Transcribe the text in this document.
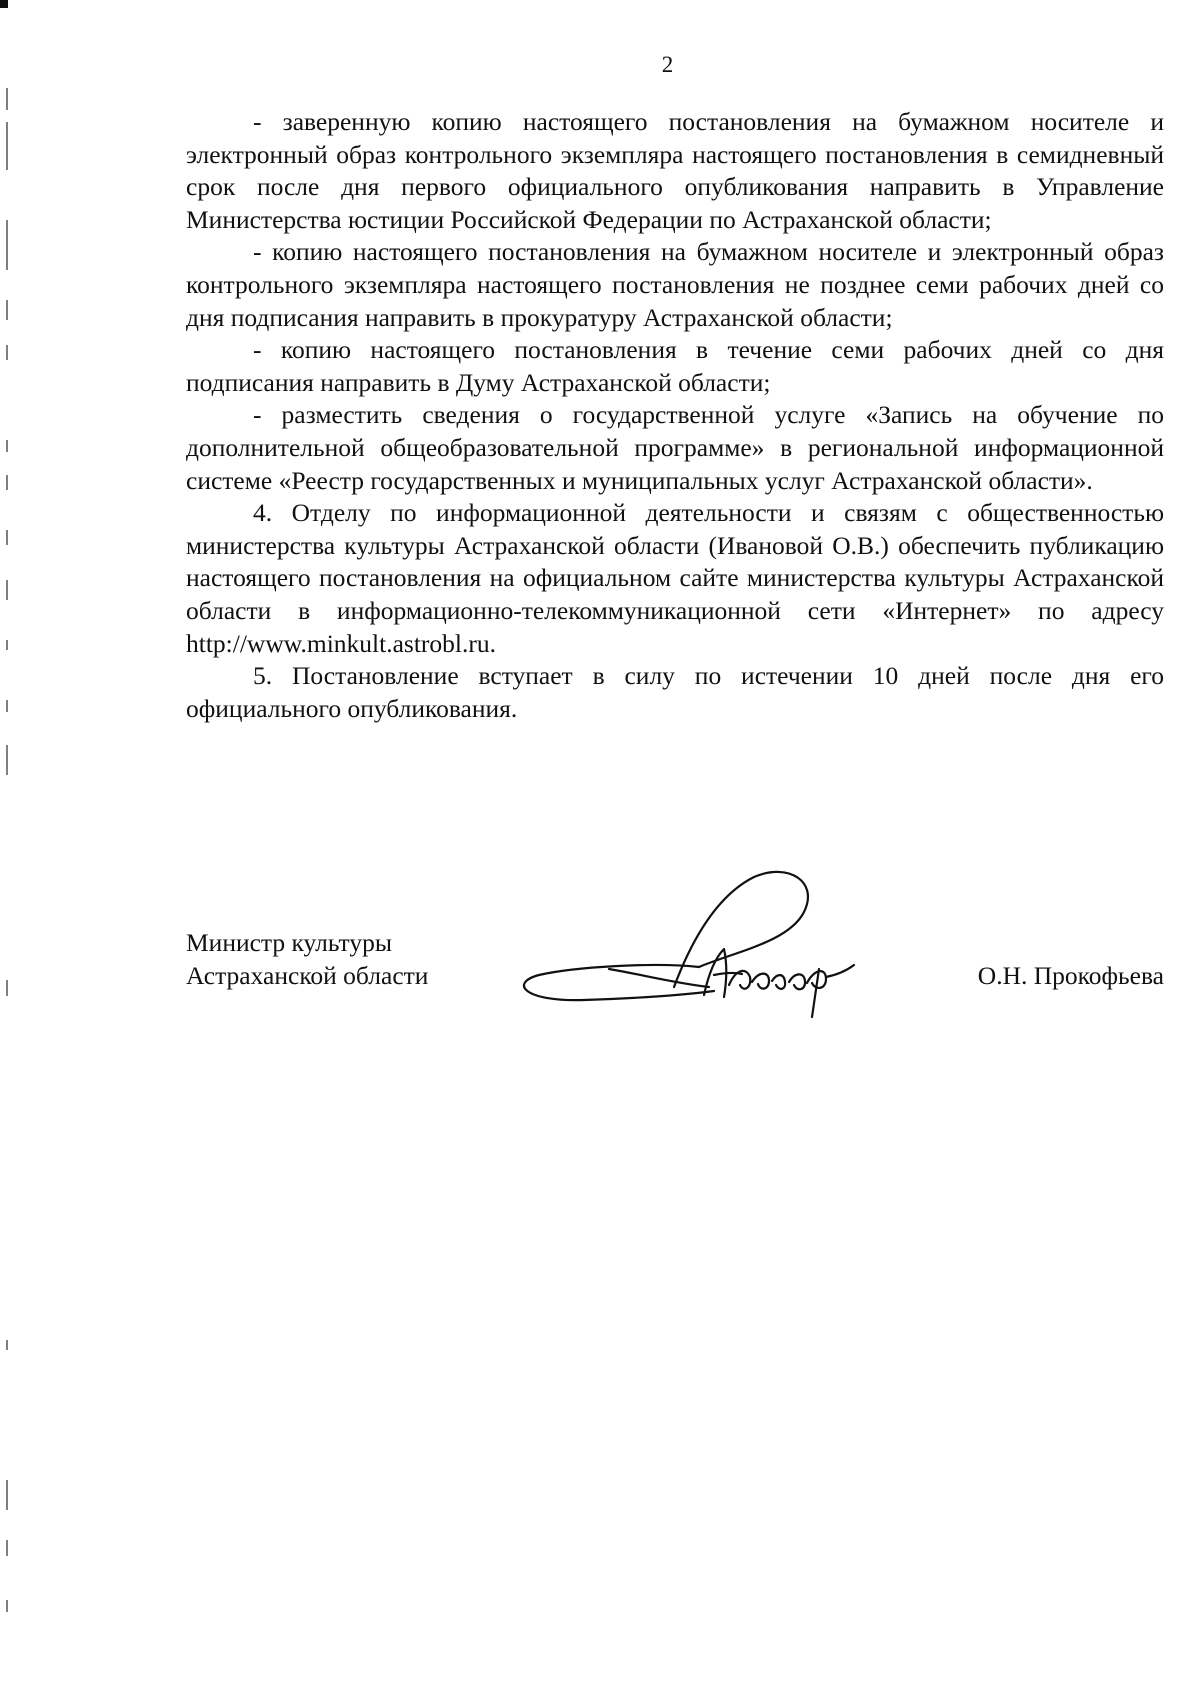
2

- заверенную копию настоящего постановления на бумажном носителе и электронный образ контрольного экземпляра настоящего постановления в семидневный срок после дня первого официального опубликования направить в Управление Министерства юстиции Российской Федерации по Астраханской области;

- копию настоящего постановления на бумажном носителе и электронный образ контрольного экземпляра настоящего постановления не позднее семи рабочих дней со дня подписания направить в прокуратуру Астраханской области;

- копию настоящего постановления в течение семи рабочих дней со дня подписания направить в Думу Астраханской области;

- разместить сведения о государственной услуге «Запись на обучение по дополнительной общеобразовательной программе» в региональной информационной системе «Реестр государственных и муниципальных услуг Астраханской области».

4. Отделу по информационной деятельности и связям с общественностью министерства культуры Астраханской области (Ивановой О.В.) обеспечить публикацию настоящего постановления на официальном сайте министерства культуры Астраханской области в информационно-телекоммуникационной сети «Интернет» по адресу http://www.minkult.astrobl.ru.

5. Постановление вступает в силу по истечении 10 дней после дня его официального опубликования.

Министр культуры
Астраханской области	О.Н. Прокофьева
